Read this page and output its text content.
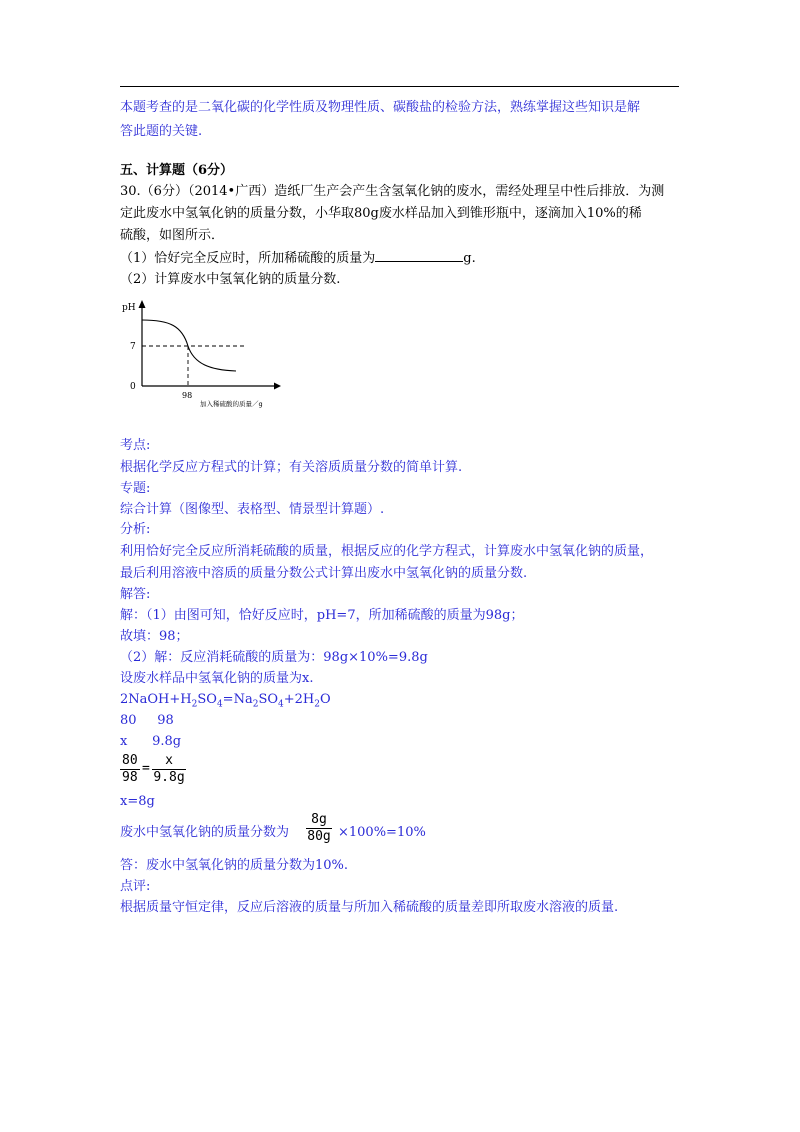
本题考查的是二氧化碳的化学性质及物理性质、碳酸盐的检验方法，熟练掌握这些知识是解
答此题的关键.
五、计算题（6分）
30.（6分）（2014•广西）造纸厂生产会产生含氢氧化钠的废水，需经处理呈中性后排放．为测
定此废水中氢氧化钠的质量分数，小华取80g废水样品加入到锥形瓶中，逐滴加入10%的稀
硫酸，如图所示．
（1）恰好完全反应时，所加稀硫酸的质量为	g.
（2）计算废水中氢氧化钠的质量分数.
pH
7
0
98
加入稀硫酸的质量／g
考点:
根据化学反应方程式的计算；有关溶质质量分数的简单计算.
专题:
综合计算（图像型、表格型、情景型计算题）.
分析:
利用恰好完全反应所消耗硫酸的质量，根据反应的化学方程式，计算废水中氢氧化钠的质量，
最后利用溶液中溶质的质量分数公式计算出废水中氢氧化钠的质量分数.
解答:
解：（1）由图可知，恰好反应时，pH=7，所加稀硫酸的质量为98g；
故填：98；
（2）解：反应消耗硫酸的质量为：98g×10%=9.8g
设废水样品中氢氧化钠的质量为x.
$2NaOH+H_2SO_4=Na_2SO_4+2H_2O$
80     98
x      9.8g
$\frac{80}{98} = \frac{x}{9.8g}$
x=8g
废水中氢氧化钠的质量分数为 $\frac{8g}{80g} \times 100\%=10\%$
答：废水中氢氧化钠的质量分数为10%.
点评:
根据质量守恒定律，反应后溶液的质量与所加入稀硫酸的质量差即所取废水溶液的质量.
